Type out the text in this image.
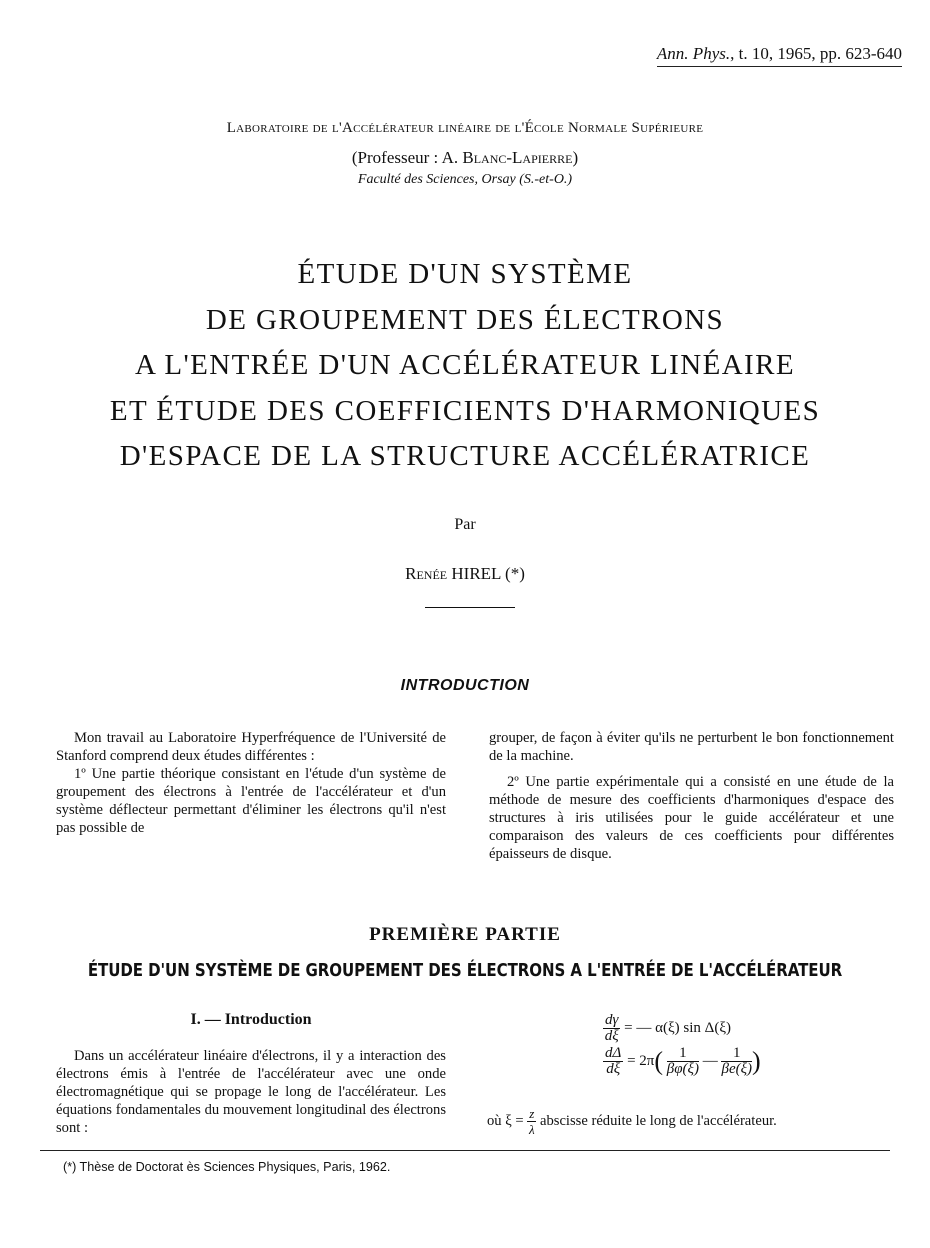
Ann. Phys., t. 10, 1965, pp. 623-640
Laboratoire de l'Accélérateur linéaire de l'École Normale Supérieure
(Professeur : A. Blanc-Lapierre)
Faculté des Sciences, Orsay (S.-et-O.)
ÉTUDE D'UN SYSTÈME
DE GROUPEMENT DES ÉLECTRONS
A L'ENTRÉE D'UN ACCÉLÉRATEUR LINÉAIRE
ET ÉTUDE DES COEFFICIENTS D'HARMONIQUES
D'ESPACE DE LA STRUCTURE ACCÉLÉRATRICE
Par
Renée HIREL (*)
INTRODUCTION

Mon travail au Laboratoire Hyperfréquence de l'Université de Stanford comprend deux études différentes :

1º Une partie théorique consistant en l'étude d'un système de groupement des électrons à l'entrée de l'accélérateur et d'un système déflecteur permettant d'éliminer les électrons qu'il n'est pas possible de

grouper, de façon à éviter qu'ils ne perturbent le bon fonctionnement de la machine.

2º Une partie expérimentale qui a consisté en une étude de la méthode de mesure des coefficients d'harmoniques d'espace des structures à iris utilisées pour le guide accélérateur et une comparaison des valeurs de ces coefficients pour différentes épaisseurs de disque.

PREMIÈRE PARTIE
ÉTUDE D'UN SYSTÈME DE GROUPEMENT DES ÉLECTRONS A L'ENTRÉE DE L'ACCÉLÉRATEUR
I. — Introduction

Dans un accélérateur linéaire d'électrons, il y a interaction des électrons émis à l'entrée de l'accélérateur avec une onde électromagnétique qui se propage le long de l'accélérateur. Les équations fondamentales du mouvement longitudinal des électrons sont :

$\frac{d\gamma}{d\xi}$ = — α(ξ) sin Δ(ξ)
$\frac{d\Delta}{d\xi} = 2\pi( \frac{1}{\beta\varphi(\xi)}$ — $\frac{1}{\beta e(\xi)}$ )
où $\xi = \frac{z}{\lambda}$ abscisse réduite le long de l'accélérateur.
(*) Thèse de Doctorat ès Sciences Physiques, Paris, 1962.
